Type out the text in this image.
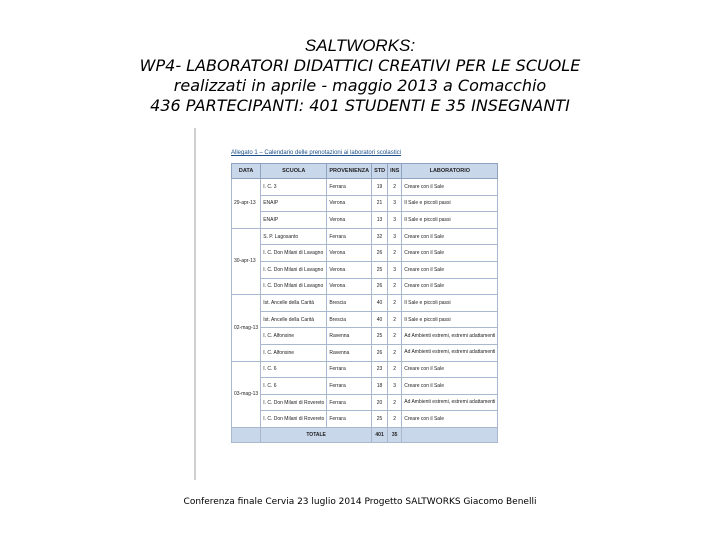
SALTWORKS:
WP4- LABORATORI DIDATTICI CREATIVI PER LE SCUOLE
realizzati in aprile - maggio 2013 a Comacchio
436 PARTECIPANTI: 401 STUDENTI E 35 INSEGNANTI
Allegato 1 – Calendario delle prenotazioni ai laboratori scolastici
DATA	SCUOLA	PROVENIENZA	STD	INS	LABORATORIO
29-apr-13	I. C. 3	Ferrara	19	2	Creare con il Sale
	ENAIP	Verona	21	3	Il Sale e piccoli passi
	ENAIP	Verona	13	3	Il Sale e piccoli passi
30-apr-13	S. P. Lagosanto	Ferrara	32	3	Creare con il Sale
	I. C. Don Milani di Lavagno	Verona	26	2	Creare con il Sale
	I. C. Don Milani di Lavagno	Verona	25	3	Creare con il Sale
	I. C. Don Milani di Lavagno	Verona	26	2	Creare con il Sale
02-mag-13	Ist. Ancelle della Carità	Brescia	40	2	Il Sale e piccoli passi
	Ist. Ancelle della Carità	Brescia	40	2	Il Sale e piccoli passi
	I. C. Alfonsine	Ravenna	25	2	Ad Ambienti estremi, estremi adattamenti
	I. C. Alfonsine	Ravenna	26	2	Ad Ambienti estremi, estremi adattamenti
03-mag-13	I. C. 6	Ferrara	23	2	Creare con il Sale
	I. C. 6	Ferrara	18	3	Creare con il Sale
	I. C. Don Milani di Rovereto	Ferrara	20	2	Ad Ambienti estremi, estremi adattamenti
	I. C. Don Milani di Rovereto	Ferrara	25	2	Creare con il Sale
	TOTALE		401	35	
Conferenza finale Cervia 23 luglio 2014 Progetto SALTWORKS Giacomo Benelli
